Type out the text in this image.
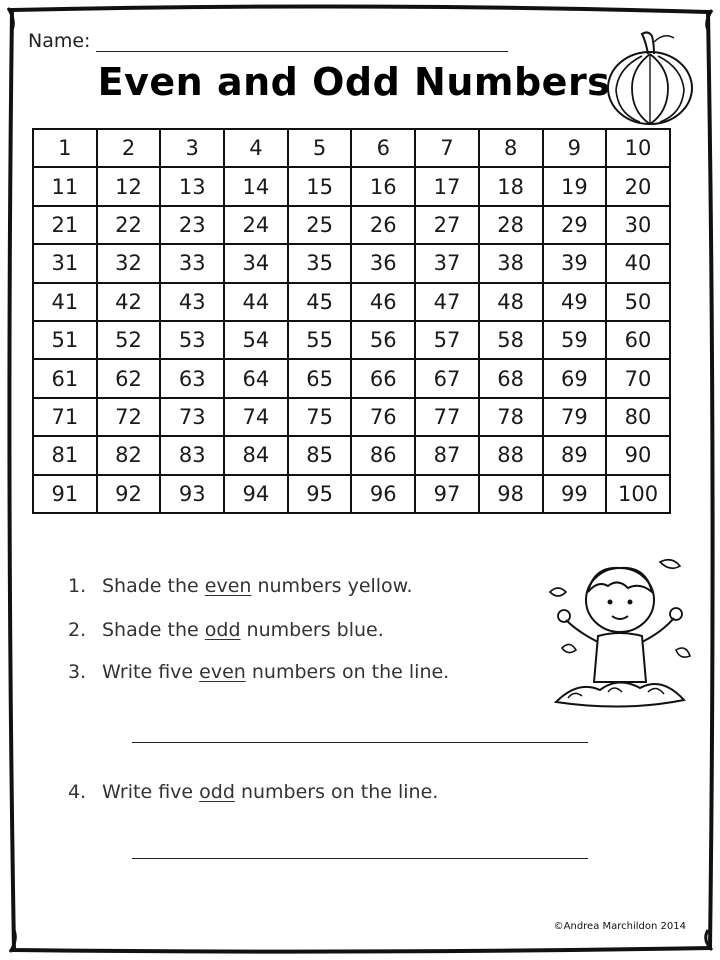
Name:
Even and Odd Numbers
1	2	3	4	5	6	7	8	9	10
11	12	13	14	15	16	17	18	19	20
21	22	23	24	25	26	27	28	29	30
31	32	33	34	35	36	37	38	39	40
41	42	43	44	45	46	47	48	49	50
51	52	53	54	55	56	57	58	59	60
61	62	63	64	65	66	67	68	69	70
71	72	73	74	75	76	77	78	79	80
81	82	83	84	85	86	87	88	89	90
91	92	93	94	95	96	97	98	99	100
1. Shade the even numbers yellow.
2. Shade the odd numbers blue.
3. Write five even numbers on the line.
4. Write five odd numbers on the line.
©Andrea Marchildon 2014
